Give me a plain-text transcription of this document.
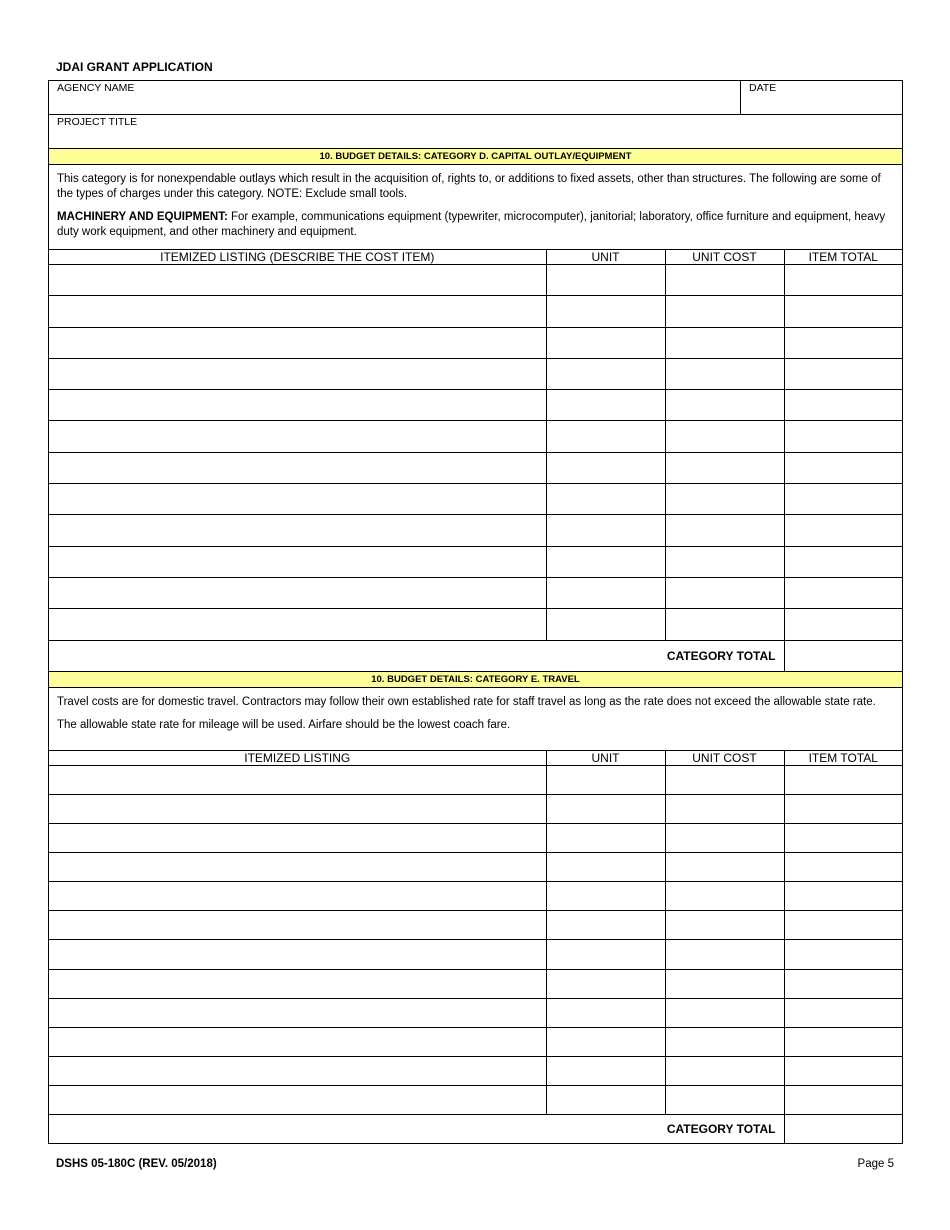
JDAI GRANT APPLICATION
AGENCY NAME	DATE
PROJECT TITLE
10. BUDGET DETAILS: CATEGORY D. CAPITAL OUTLAY/EQUIPMENT

This category is for nonexpendable outlays which result in the acquisition of, rights to, or additions to fixed assets, other than structures. The following are some of the types of charges under this category. NOTE: Exclude small tools.

MACHINERY AND EQUIPMENT: For example, communications equipment (typewriter, microcomputer), janitorial; laboratory, office furniture and equipment, heavy duty work equipment, and other machinery and equipment.

ITEMIZED LISTING (DESCRIBE THE COST ITEM)	UNIT	UNIT COST	ITEM TOTAL

CATEGORY TOTAL	
10. BUDGET DETAILS: CATEGORY E. TRAVEL

Travel costs are for domestic travel. Contractors may follow their own established rate for staff travel as long as the rate does not exceed the allowable state rate.

The allowable state rate for mileage will be used. Airfare should be the lowest coach fare.

ITEMIZED LISTING	UNIT	UNIT COST	ITEM TOTAL

CATEGORY TOTAL	
DSHS 05-180C (REV. 05/2018)	Page 5
